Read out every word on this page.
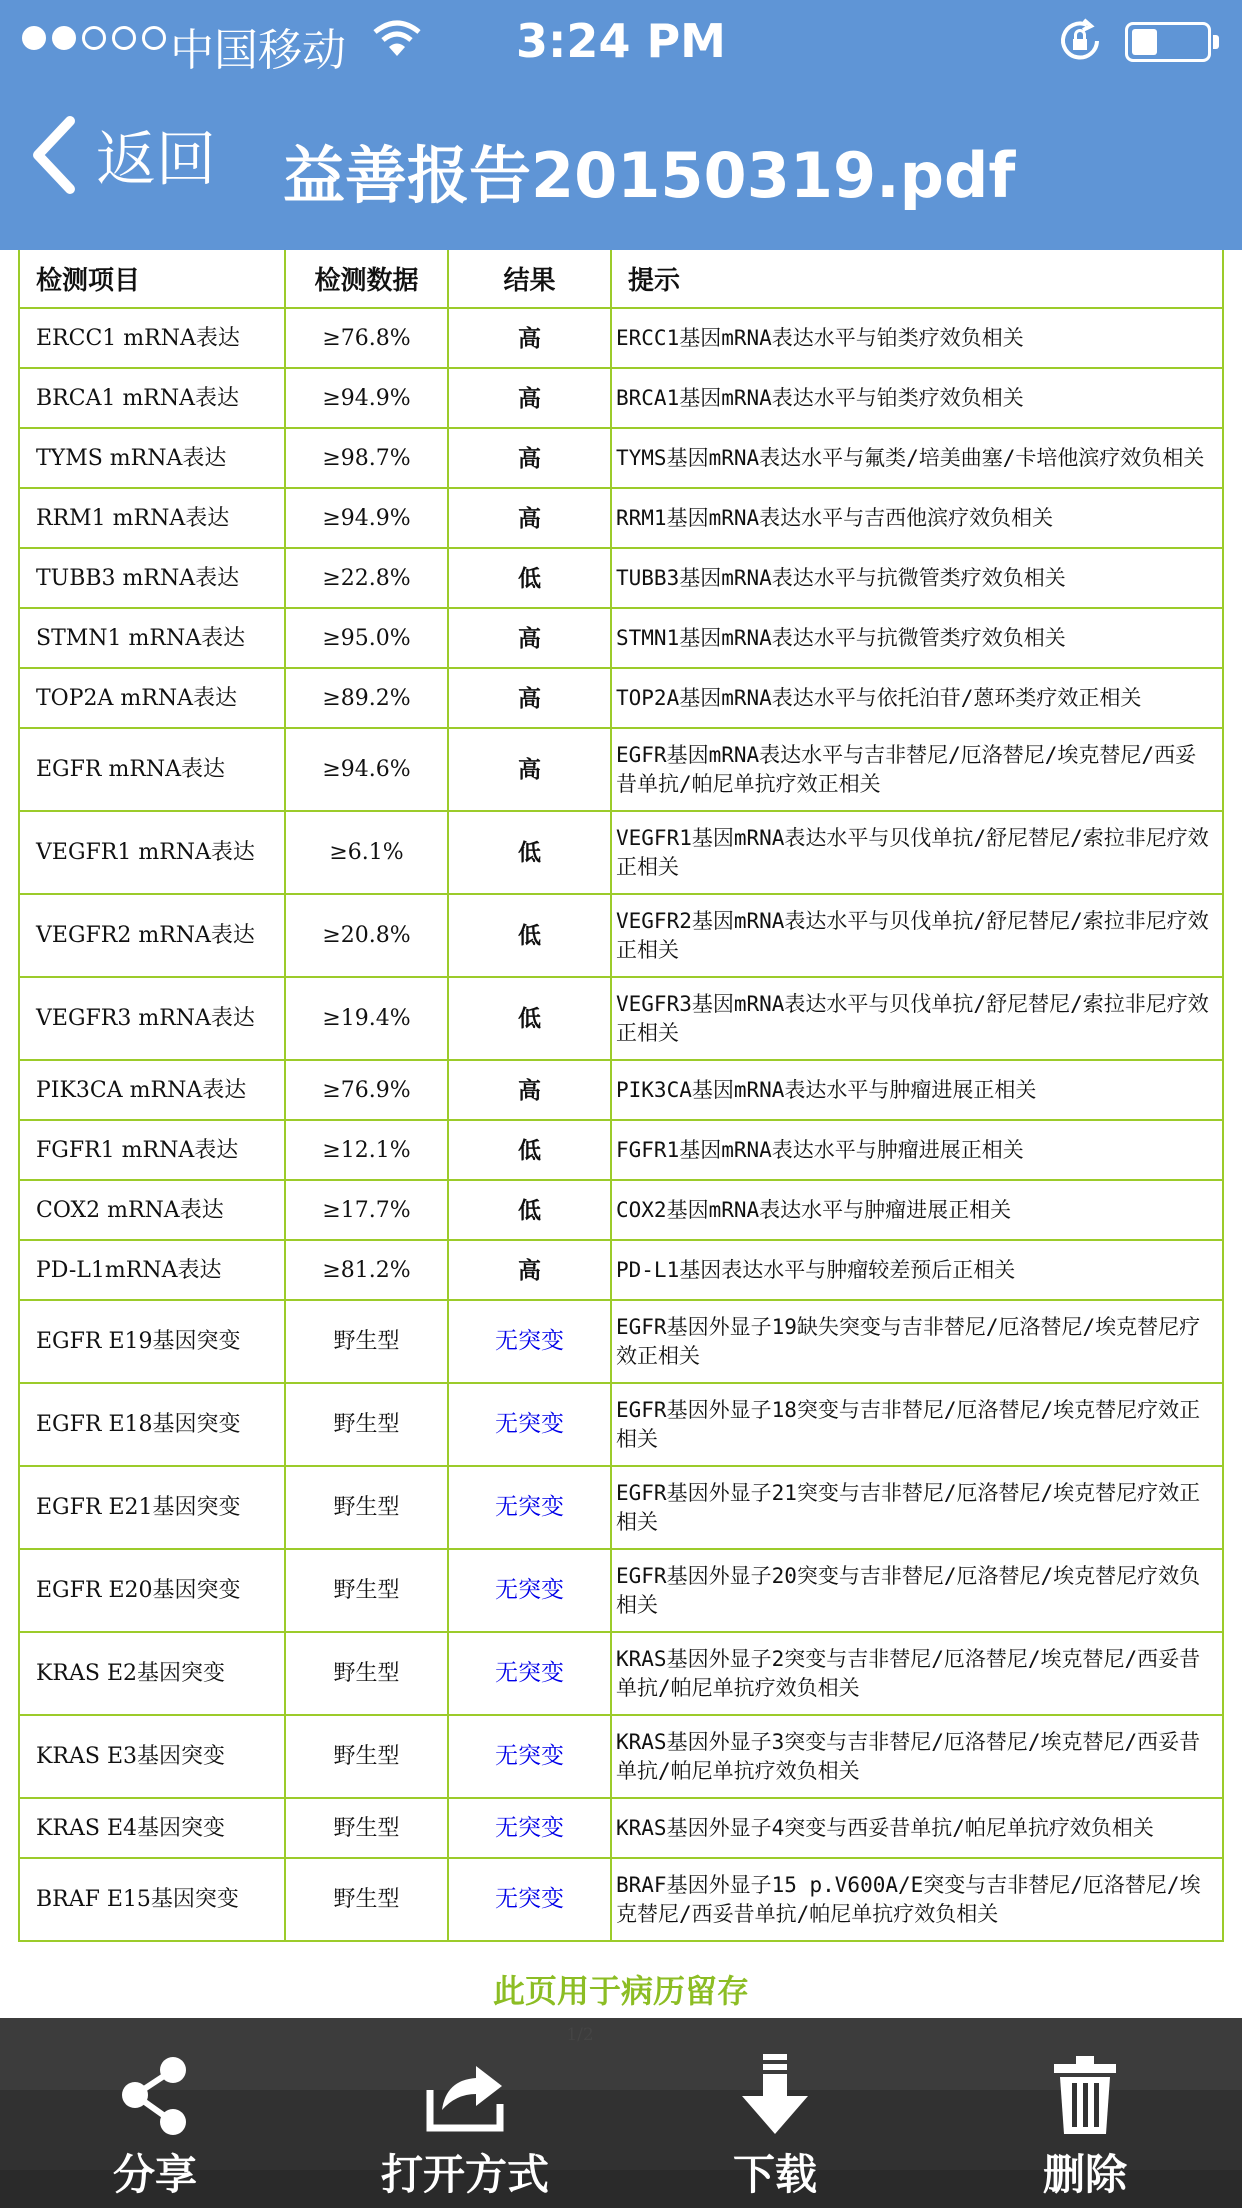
中国移动	3:24 PM
返回 益善报告20150319.pdf
检测项目	检测数据	结果	提示
ERCC1 mRNA表达	≥76.8%	高	ERCC1基因mRNA表达水平与铂类疗效负相关
BRCA1 mRNA表达	≥94.9%	高	BRCA1基因mRNA表达水平与铂类疗效负相关
TYMS mRNA表达	≥98.7%	高	TYMS基因mRNA表达水平与氟类/培美曲塞/卡培他滨疗效负相关
RRM1 mRNA表达	≥94.9%	高	RRM1基因mRNA表达水平与吉西他滨疗效负相关
TUBB3 mRNA表达	≥22.8%	低	TUBB3基因mRNA表达水平与抗微管类疗效负相关
STMN1 mRNA表达	≥95.0%	高	STMN1基因mRNA表达水平与抗微管类疗效负相关
TOP2A mRNA表达	≥89.2%	高	TOP2A基因mRNA表达水平与依托泊苷/蒽环类疗效正相关
EGFR mRNA表达	≥94.6%	高	EGFR基因mRNA表达水平与吉非替尼/厄洛替尼/埃克替尼/西妥昔单抗/帕尼单抗疗效正相关
VEGFR1 mRNA表达	≥6.1%	低	VEGFR1基因mRNA表达水平与贝伐单抗/舒尼替尼/索拉非尼疗效正相关
VEGFR2 mRNA表达	≥20.8%	低	VEGFR2基因mRNA表达水平与贝伐单抗/舒尼替尼/索拉非尼疗效正相关
VEGFR3 mRNA表达	≥19.4%	低	VEGFR3基因mRNA表达水平与贝伐单抗/舒尼替尼/索拉非尼疗效正相关
PIK3CA mRNA表达	≥76.9%	高	PIK3CA基因mRNA表达水平与肿瘤进展正相关
FGFR1 mRNA表达	≥12.1%	低	FGFR1基因mRNA表达水平与肿瘤进展正相关
COX2 mRNA表达	≥17.7%	低	COX2基因mRNA表达水平与肿瘤进展正相关
PD-L1mRNA表达	≥81.2%	高	PD-L1基因表达水平与肿瘤较差预后正相关
EGFR E19基因突变	野生型	无突变	EGFR基因外显子19缺失突变与吉非替尼/厄洛替尼/埃克替尼疗效正相关
EGFR E18基因突变	野生型	无突变	EGFR基因外显子18突变与吉非替尼/厄洛替尼/埃克替尼疗效正相关
EGFR E21基因突变	野生型	无突变	EGFR基因外显子21突变与吉非替尼/厄洛替尼/埃克替尼疗效正相关
EGFR E20基因突变	野生型	无突变	EGFR基因外显子20突变与吉非替尼/厄洛替尼/埃克替尼疗效负相关
KRAS E2基因突变	野生型	无突变	KRAS基因外显子2突变与吉非替尼/厄洛替尼/埃克替尼/西妥昔单抗/帕尼单抗疗效负相关
KRAS E3基因突变	野生型	无突变	KRAS基因外显子3突变与吉非替尼/厄洛替尼/埃克替尼/西妥昔单抗/帕尼单抗疗效负相关
KRAS E4基因突变	野生型	无突变	KRAS基因外显子4突变与西妥昔单抗/帕尼单抗疗效负相关
BRAF E15基因突变	野生型	无突变	BRAF基因外显子15 p.V600A/E突变与吉非替尼/厄洛替尼/埃克替尼/西妥昔单抗/帕尼单抗疗效负相关
此页用于病历留存
分享	打开方式	下载	删除
1/2
